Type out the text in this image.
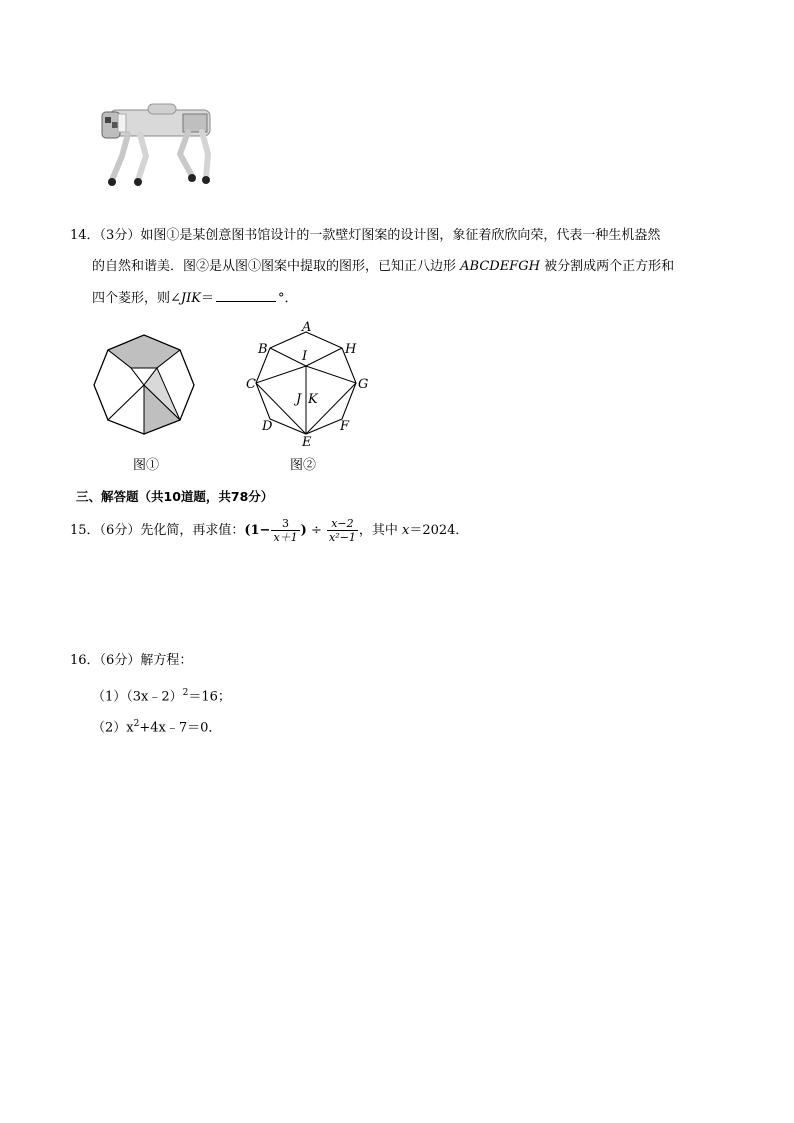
14．（3分）如图①是某创意图书馆设计的一款壁灯图案的设计图，象征着欣欣向荣，代表一种生机盎然
的自然和谐美．图②是从图①图案中提取的图形，已知正八边形 ABCDEFGH 被分割成两个正方形和
四个菱形，则∠JIK＝	°．
图①
A
B
C
D
E
F
G
H
I
J K
图②
三、解答题（共10道题，共78分）
15．（6分）先化简，再求值：($1- \frac{3}{x+1}$ ) ÷ $\frac{x-2}{\text{x²−1}}$ ，其中 x＝2024．
16．（6分）解方程：
（1）（3x﹣2）$^2$＝16；
$(2)x^2+4x﹣7=0$．
